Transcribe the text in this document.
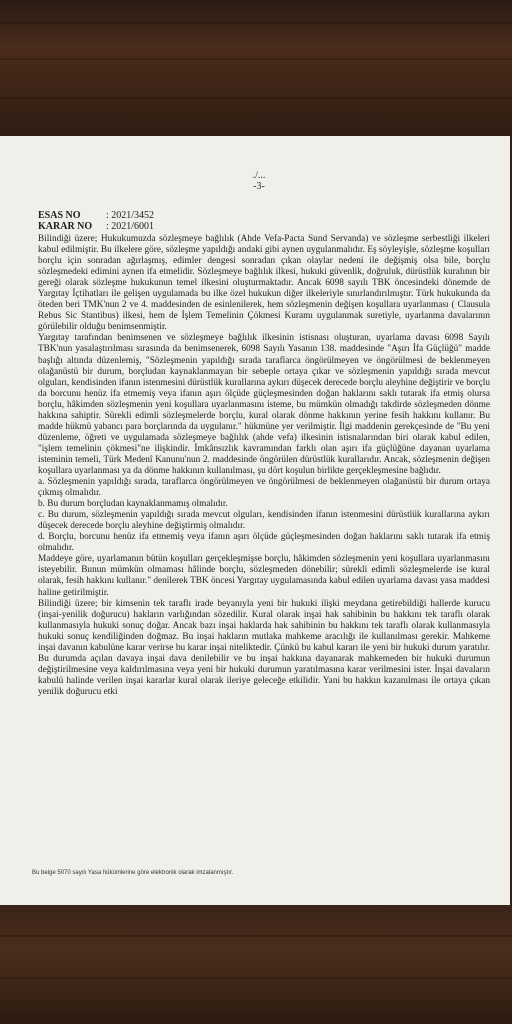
./...
-3-
ESAS NO	: 2021/3452
KARAR NO : 2021/6001

Bilindiği üzere; Hukukumuzda sözleşmeye bağlılık (Ahde Vefa-Pacta Sund Servanda) ve sözleşme serbestliği ilkeleri kabul edilmiştir. Bu ilkelere göre, sözleşme yapıldığı andaki gibi aynen uygulanmalıdır. Eş söyleyişle, sözleşme koşulları borçlu için sonradan ağırlaşmış, edimler dengesi sonradan çıkan olaylar nedeni ile değişmiş olsa bile, borçlu sözleşmedeki edimini aynen ifa etmelidir. Sözleşmeye bağlılık ilkesi, hukuki güvenlik, doğruluk, dürüstlük kuralının bir gereği olarak sözleşme hukukunun temel ilkesini oluşturmaktadır. Ancak 6098 sayılı TBK öncesindeki dönemde de Yargıtay İçtihatları ile gelişen uygulamada bu ilke özel hukukun diğer ilkeleriyle sınırlandırılmıştır. Türk hukukunda da öteden beri TMK'nun 2 ve 4. maddesinden de esinlenilerek, hem sözleşmenin değişen koşullara uyarlanması ( Clausula Rebus Sic Stantibus) ilkesi, hem de İşlem Temelinin Çökmesi Kuramı uygulanmak suretiyle, uyarlanma davalarının görülebilir olduğu benimsenmiştir.

Yargıtay tarafından benimsenen ve sözleşmeye bağlılık ilkesinin istisnası oluşturan, uyarlama davası 6098 Sayılı TBK'nun yasalaştırılması sırasında da benimsenerek, 6098 Sayılı Yasanın 138. maddesinde "Aşırı İfa Güçlüğü" madde başlığı altında düzenlemiş, "Sözleşmenin yapıldığı sırada taraflarca öngörülmeyen ve öngörülmesi de beklenmeyen olağanüstü bir durum, borçludan kaynaklanmayan bir sebeple ortaya çıkar ve sözleşmenin yapıldığı sırada mevcut olguları, kendisinden ifanın istenmesini dürüstlük kurallarına aykırı düşecek derecede borçlu aleyhine değiştirir ve borçlu da borcunu henüz ifa etmemiş veya ifanın aşırı ölçüde güçleşmesinden doğan haklarını saklı tutarak ifa etmiş olursa borçlu, hâkimden sözleşmenin yeni koşullara uyarlanmasını isteme, bu mümkün olmadığı takdirde sözleşmeden dönme hakkına sahiptir. Sürekli edimli sözleşmelerde borçlu, kural olarak dönme hakkının yerine fesih hakkını kullanır. Bu madde hükmü yabancı para borçlarında da uygulanır." hükmüne yer verilmiştir. İlgi maddenin gerekçesinde de "Bu yeni düzenleme, öğreti ve uygulamada sözleşmeye bağlılık (ahde vefa) ilkesinin istisnalarından biri olarak kabul edilen, "işlem temelinin çökmesi"ne ilişkindir. İmkânsızlık kavramından farklı olan aşırı ifa güçlüğüne dayanan uyarlama isteminin temeli, Türk Medenî Kanunu'nun 2. maddesinde öngörülen dürüstlük kurallarıdır. Ancak, sözleşmenin değişen koşullara uyarlanması ya da dönme hakkının kullanılması, şu dört koşulun birlikte gerçekleşmesine bağlıdır.

a. Sözleşmenin yapıldığı sırada, taraflarca öngörülmeyen ve öngörülmesi de beklenmeyen olağanüstü bir durum ortaya çıkmış olmalıdır.

b. Bu durum borçludan kaynaklanmamış olmalıdır.

c. Bu durum, sözleşmenin yapıldığı sırada mevcut olguları, kendisinden ifanın istenmesini dürüstlük kurallarına aykırı düşecek derecede borçlu aleyhine değiştirmiş olmalıdır.

d. Borçlu, borcunu henüz ifa etmemiş veya ifanın aşırı ölçüde güçleşmesinden doğan haklarını saklı tutarak ifa etmiş olmalıdır.

Maddeye göre, uyarlamanın bütün koşulları gerçekleşmişse borçlu, hâkimden sözleşmenin yeni koşullara uyarlanmasını isteyebilir. Bunun mümkün olmaması hâlinde borçlu, sözleşmeden dönebilir; sürekli edimli sözleşmelerde ise kural olarak, fesih hakkını kullanır." denilerek TBK öncesi Yargıtay uygulamasında kabul edilen uyarlama davası yasa maddesi haline getirilmiştir.

Bilindiği üzere; bir kimsenin tek taraflı irade beyanıyla yeni bir hukuki ilişki meydana getirebildiği hallerde kurucu (inşai-yenilik doğurucu) hakların varlığından sözedilir. Kural olarak inşai hak sahibinin bu hakkını tek taraflı olarak kullanmasıyla hukuki sonuç doğar. Ancak bazı inşai haklarda hak sahibinin bu hakkını tek taraflı olarak kullanmasıyla hukuki sonuç kendiliğinden doğmaz. Bu inşai hakların mutlaka mahkeme aracılığı ile kullanılması gerekir. Mahkeme inşai davanın kabulüne karar verirse bu karar inşai niteliktedir. Çünkü bu kabul kararı ile yeni bir hukuki durum yaratılır. Bu durumda açılan davaya inşai dava denilebilir ve bu inşai hakkına dayanarak mahkemeden bir hukuki durumun değiştirilmesine veya kaldırılmasına veya yeni bir hukuki durumun yaratılmasına karar verilmesini ister. İnşai davaların kabulü halinde verilen inşai kararlar kural olarak ileriye geleceğe etkilidir. Yani bu hakkın kazanılması ile ortaya çıkan yenilik doğurucu etki

Bu belge 5070 sayılı Yasa hükümlerine göre elektronik olarak imzalanmıştır.
